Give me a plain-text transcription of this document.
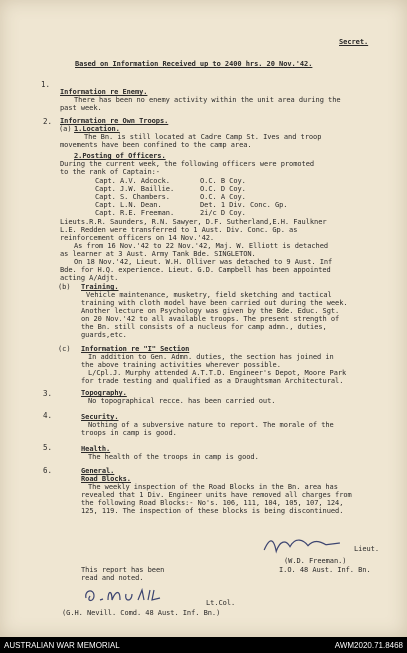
Secret.
Based on Information Received up to 2400 hrs. 20 Nov.'42.
1.
Information re Enemy.
There has been no enemy activity within the unit area during the
past week.
2. Information re Own Troops.
(a) 1.Location.
The Bn. is still located at Cadre Camp St. Ives and troop
movements have been confined to the camp area.
2.Posting of Officers.
During the current week, the following officers were promoted
to the rank of Captain:-
Capt. A.V. Adcock.	O.C. B Coy.
Capt. J.W. Baillie.	O.C. D Coy.
Capt. S. Chambers.	O.C. A Coy.
Capt. L.N. Dean.	Det. 1 Div. Conc. Gp.
Capt. R.E. Freeman.	2i/c D Coy.
Lieuts.R.R. Saunders, R.N. Sawyer, D.F. Sutherland,E.H. Faulkner
L.E. Redden were transferred to 1 Aust. Div. Conc. Gp. as
reinforcement officers on 14 Nov.'42.
As from 16 Nov.'42 to 22 Nov.'42, Maj. W. Elliott is detached
as learner at 3 Aust. Army Tank Bde. SINGLETON.
On 18 Nov.'42, Lieut. W.H. Olliver was detached to 9 Aust. Inf
Bde. for H.Q. experience. Lieut. G.D. Campbell has been appointed
acting A/Adjt.
(b) Training.
Vehicle maintenance, musketry, field sketching and tactical
training with cloth model have been carried out during the week.
Another lecture on Psychology was given by the Bde. Educ. Sgt.
on 20 Nov.'42 to all available troops. The present strength of
the Bn. still consists of a nucleus for camp admn., duties,
guards,etc.
(c) Information re "I" Section
In addition to Gen. Admn. duties, the section has joined in
the above training activities wherever possible.
L/Cpl.J. Murphy attended A.T.T.D. Engineer's Depot, Moore Park
for trade testing and qualified as a Draughtsman Architectural.
3.	Topography.
No topographical recce. has been carried out.
4.	Security.
Nothing of a subversive nature to report. The morale of the
troops in camp is good.
5.	Health.
The health of the troops in camp is good.
6.	General.
Road Blocks.
The weekly inspection of the Road Blocks in the Bn. area has
revealed that 1 Div. Engineer units have removed all charges from
the following Road Blocks:- No's. 106, 111, 104, 105, 107, 124,
125, 119. The inspection of these blocks is being discontinued.
Lieut.
(W.D. Freeman.)
I.O. 48 Aust. Inf. Bn.
This report has been
read and noted.
Lt.Col.
(G.H. Nevill. Comd. 48 Aust. Inf. Bn.)
AUSTRALIAN WAR MEMORIAL	AWM2020.71.8468
